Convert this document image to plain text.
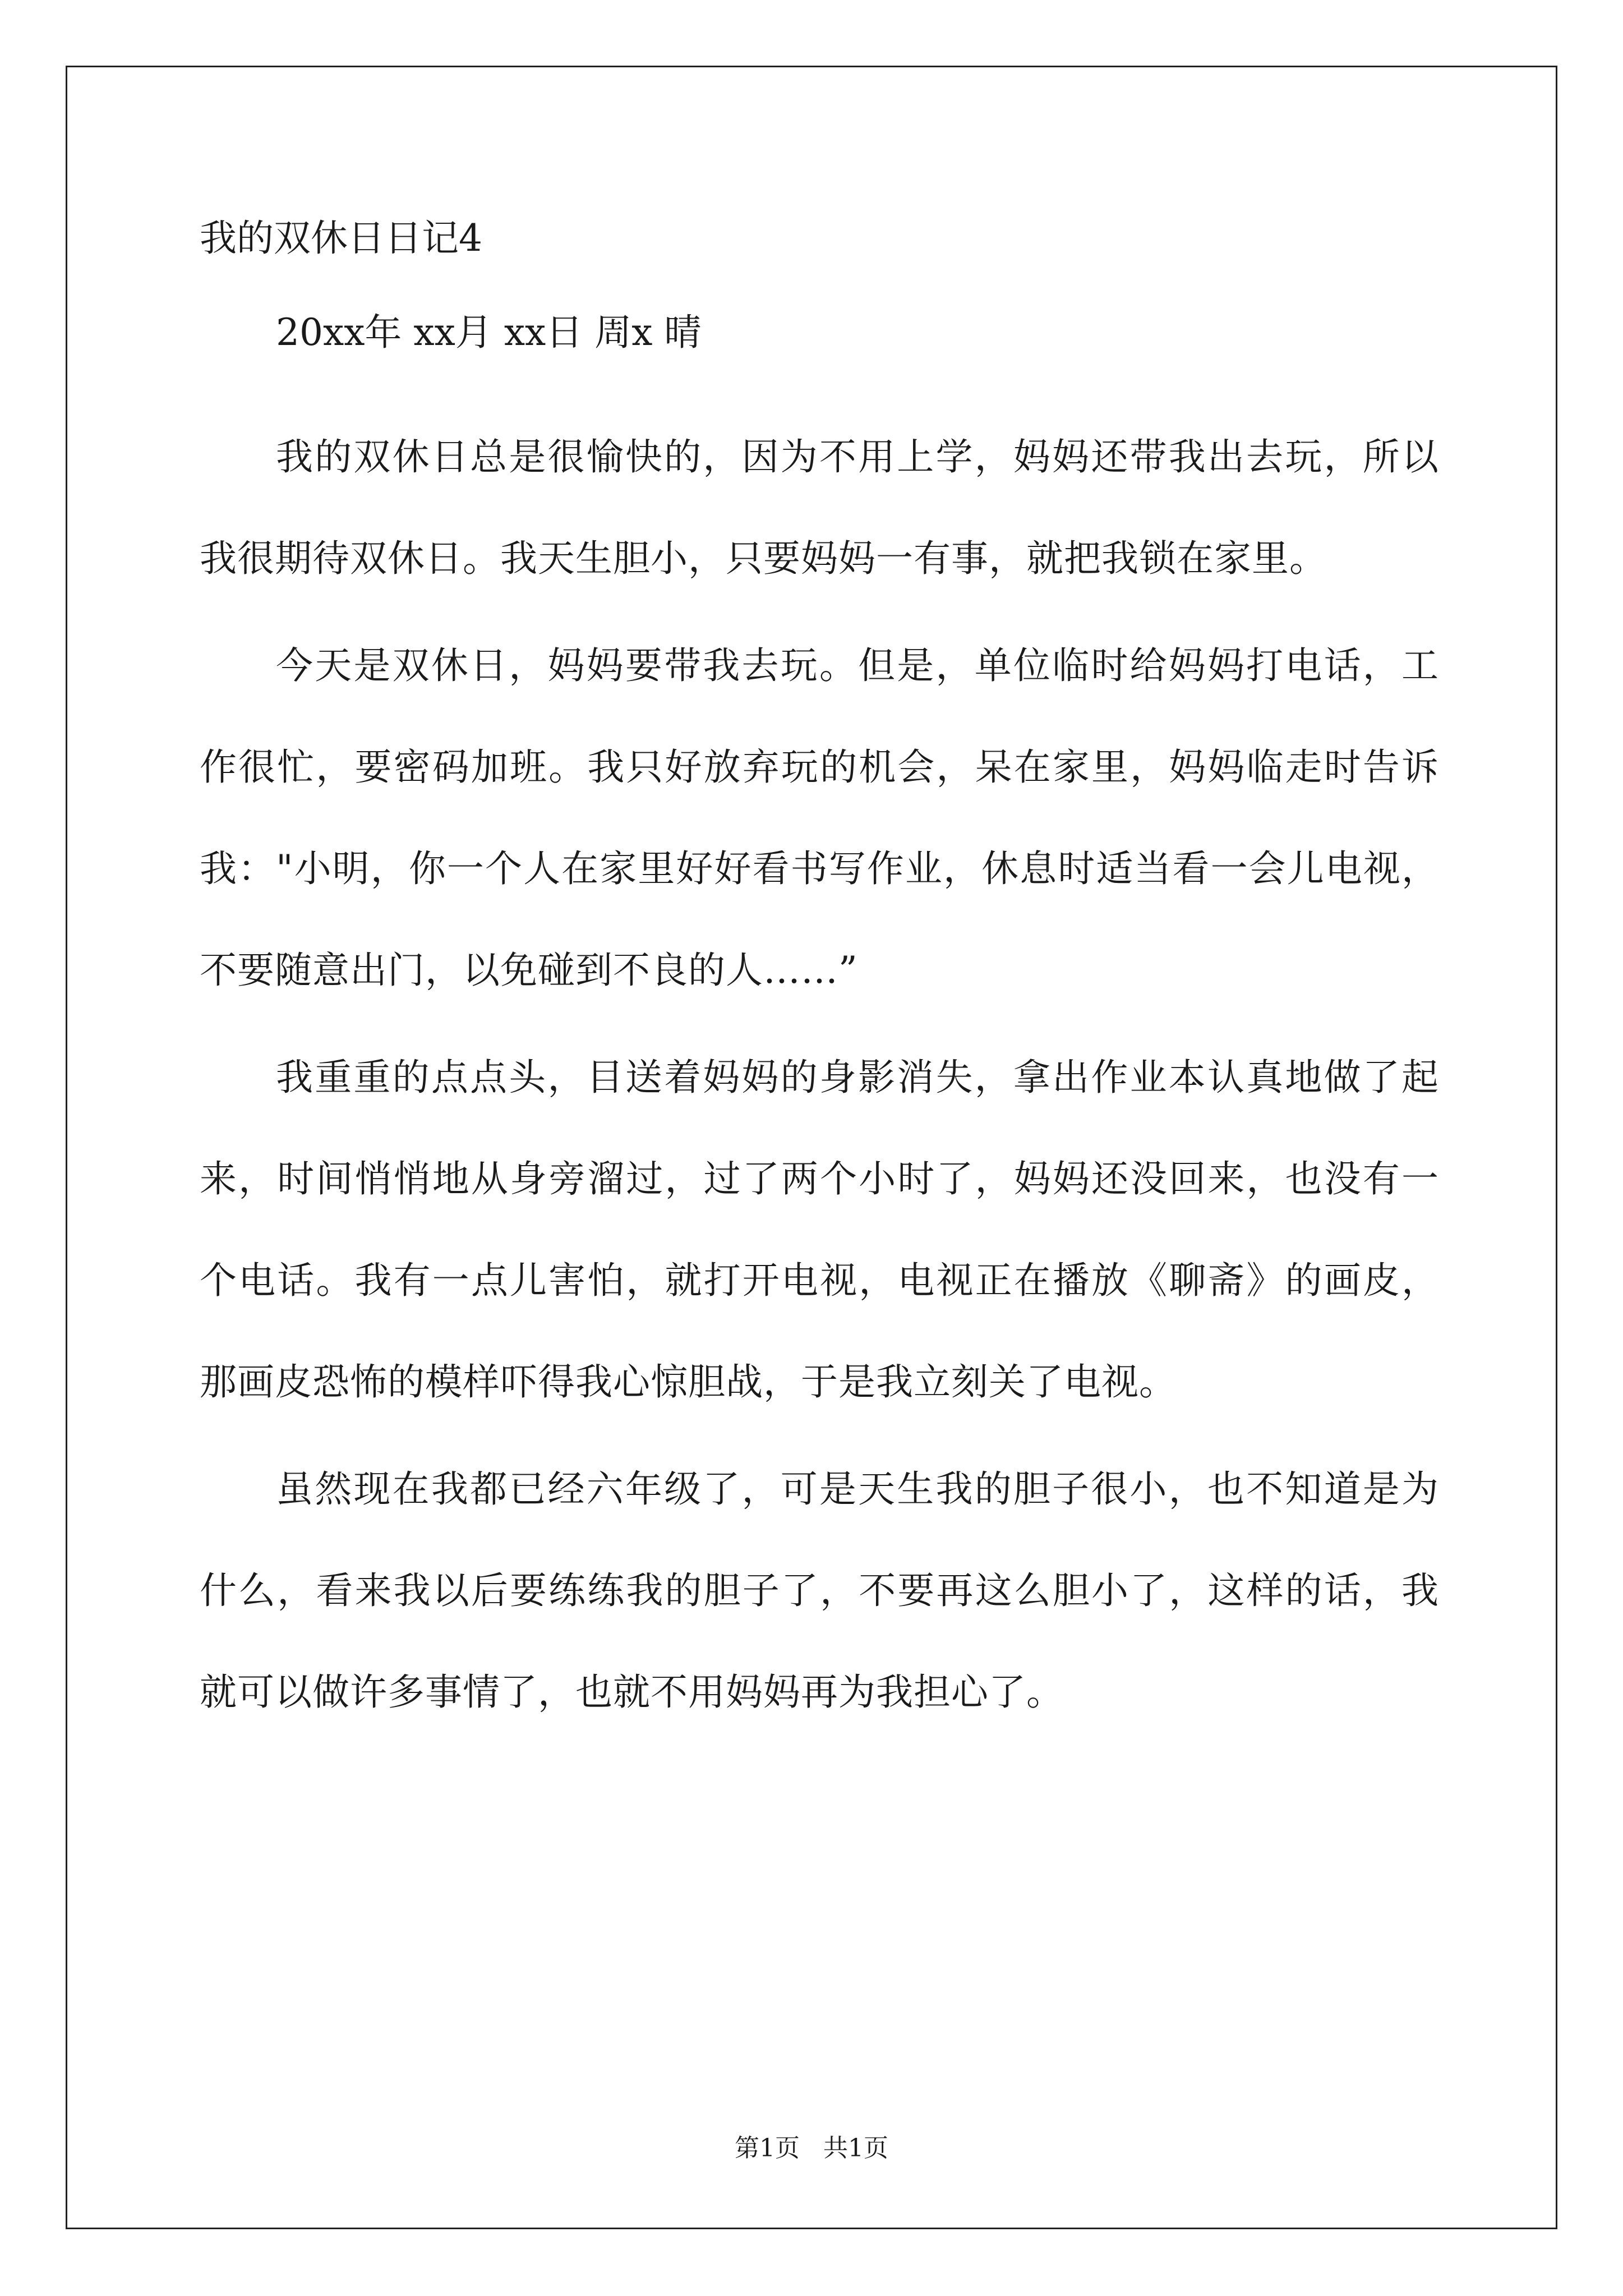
我的双休日日记4

20xx年 xx月 xx日 周x 晴

我的双休日总是很愉快的，因为不用上学，妈妈还带我出去玩，所以我很期待双休日。我天生胆小，只要妈妈一有事，就把我锁在家里。

今天是双休日，妈妈要带我去玩。但是，单位临时给妈妈打电话，工作很忙，要密码加班。我只好放弃玩的机会，呆在家里，妈妈临走时告诉我："小明，你一个人在家里好好看书写作业，休息时适当看一会儿电视，不要随意出门，以免碰到不良的人……”

我重重的点点头，目送着妈妈的身影消失，拿出作业本认真地做了起来，时间悄悄地从身旁溜过，过了两个小时了，妈妈还没回来，也没有一个电话。我有一点儿害怕，就打开电视，电视正在播放《聊斋》的画皮，那画皮恐怖的模样吓得我心惊胆战，于是我立刻关了电视。

虽然现在我都已经六年级了，可是天生我的胆子很小，也不知道是为什么，看来我以后要练练我的胆子了，不要再这么胆小了，这样的话，我就可以做许多事情了，也就不用妈妈再为我担心了。

第1页   共1页
